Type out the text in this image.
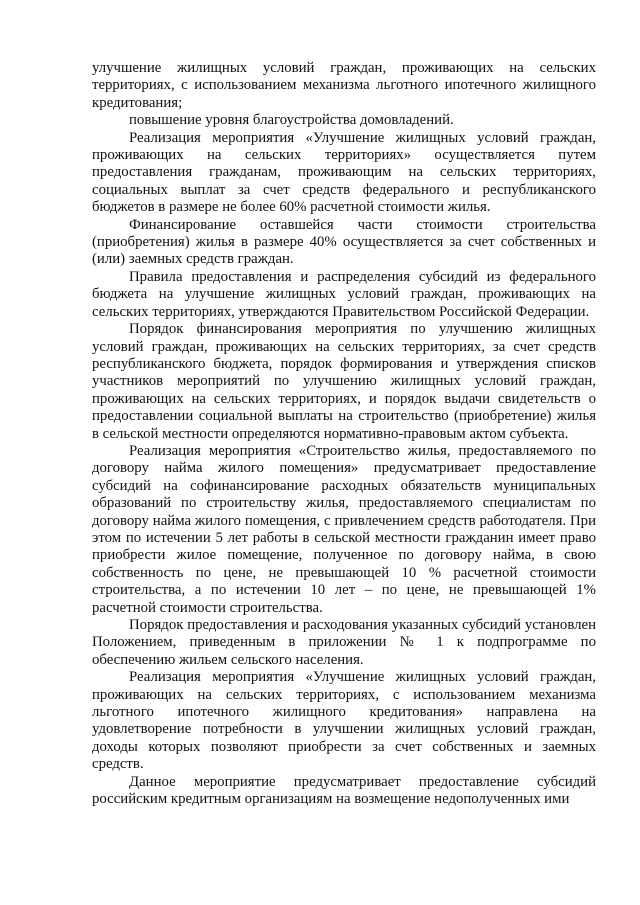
улучшение жилищных условий граждан, проживающих на сельских территориях, с использованием механизма льготного ипотечного жилищного кредитования;

повышение уровня благоустройства домовладений.

Реализация мероприятия «Улучшение жилищных условий граждан, проживающих на сельских территориях» осуществляется путем предоставления гражданам, проживающим на сельских территориях, социальных выплат за счет средств федерального и республиканского бюджетов в размере не более 60% расчетной стоимости жилья.

Финансирование оставшейся части стоимости строительства (приобретения) жилья в размере 40% осуществляется за счет собственных и (или) заемных средств граждан.

Правила предоставления и распределения субсидий из федерального бюджета на улучшение жилищных условий граждан, проживающих на сельских территориях, утверждаются Правительством Российской Федерации.

Порядок финансирования мероприятия по улучшению жилищных условий граждан, проживающих на сельских территориях, за счет средств республиканского бюджета, порядок формирования и утверждения списков участников мероприятий по улучшению жилищных условий граждан, проживающих на сельских территориях, и порядок выдачи свидетельств о предоставлении социальной выплаты на строительство (приобретение) жилья в сельской местности определяются нормативно-правовым актом субъекта.

Реализация мероприятия «Строительство жилья, предоставляемого по договору найма жилого помещения» предусматривает предоставление субсидий на софинансирование расходных обязательств муниципальных образований по строительству жилья, предоставляемого специалистам по договору найма жилого помещения, с привлечением средств работодателя. При этом по истечении 5 лет работы в сельской местности гражданин имеет право приобрести жилое помещение, полученное по договору найма, в свою собственность по цене, не превышающей 10 % расчетной стоимости строительства, а по истечении 10 лет – по цене, не превышающей 1% расчетной стоимости строительства.

Порядок предоставления и расходования указанных субсидий установлен Положением, приведенным в приложении № 1 к подпрограмме по обеспечению жильем сельского населения.

Реализация мероприятия «Улучшение жилищных условий граждан, проживающих на сельских территориях, с использованием механизма льготного ипотечного жилищного кредитования» направлена на удовлетворение потребности в улучшении жилищных условий граждан, доходы которых позволяют приобрести за счет собственных и заемных средств.

Данное мероприятие предусматривает предоставление субсидий российским кредитным организациям на возмещение недополученных ими
